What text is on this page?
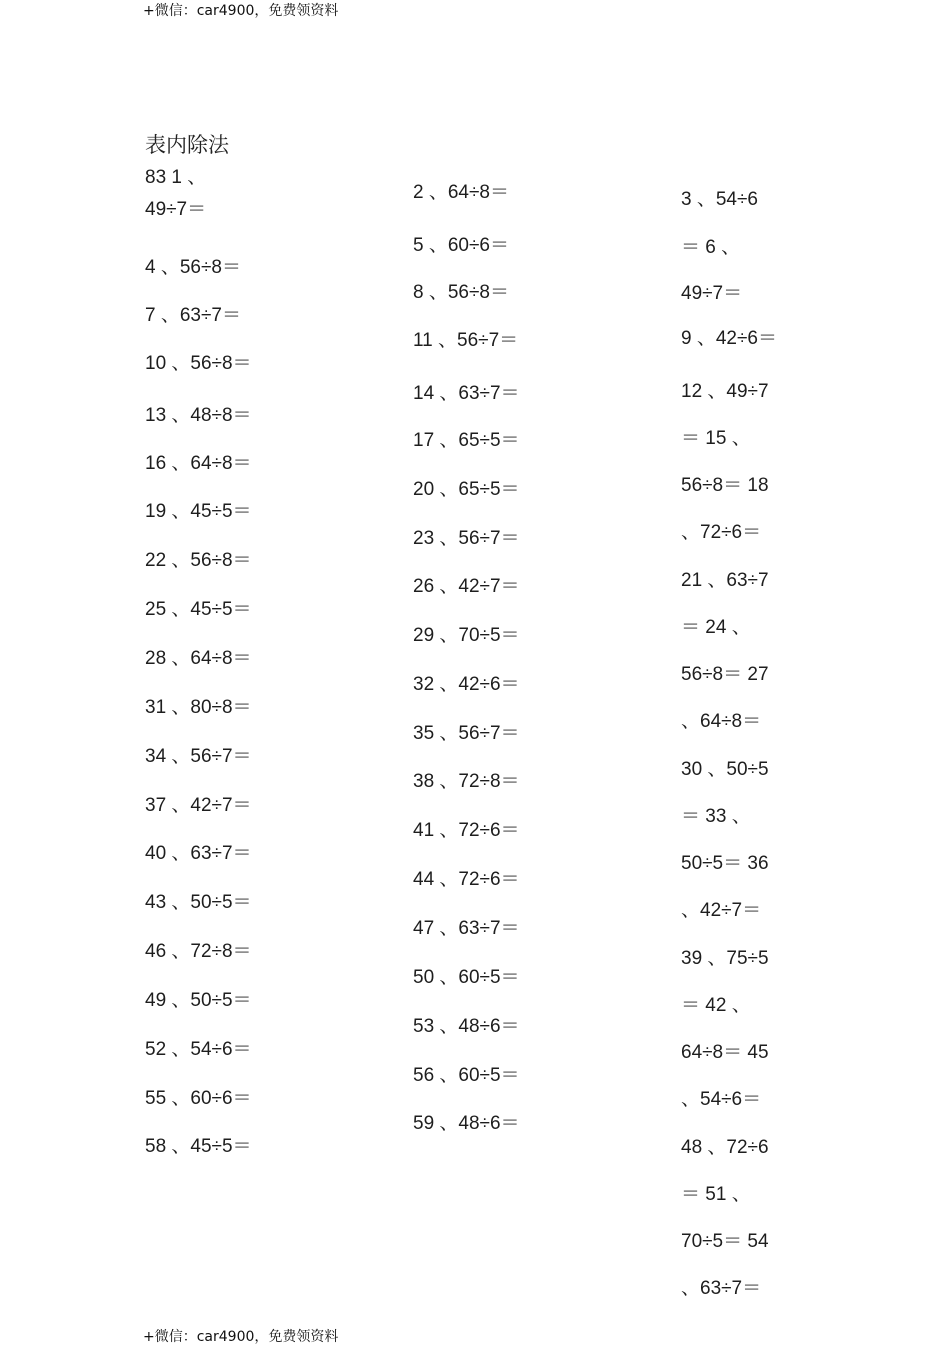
+微信：car4900，免费领资料
表内除法
83 1 、
49÷7＝
4 、56÷8＝
7 、63÷7＝
10 、56÷8＝
13 、48÷8＝
16 、64÷8＝
19 、45÷5＝
22 、56÷8＝
25 、45÷5＝
28 、64÷8＝
31 、80÷8＝
34 、56÷7＝
37 、42÷7＝
40 、63÷7＝
43 、50÷5＝
46 、72÷8＝
49 、50÷5＝
52 、54÷6＝
55 、60÷6＝
58 、45÷5＝
2 、64÷8＝
5 、60÷6＝
8 、56÷8＝
11 、56÷7＝
14 、63÷7＝
17 、65÷5＝
20 、65÷5＝
23 、56÷7＝
26 、42÷7＝
29 、70÷5＝
32 、42÷6＝
35 、56÷7＝
38 、72÷8＝
41 、72÷6＝
44 、72÷6＝
47 、63÷7＝
50 、60÷5＝
53 、48÷6＝
56 、60÷5＝
59 、48÷6＝
3 、54÷6
＝ 6 、
49÷7＝
9 、42÷6＝
12 、49÷7
＝ 15 、
56÷8＝ 18
、72÷6＝
21 、63÷7
＝ 24 、
56÷8＝ 27
、64÷8＝
30 、50÷5
＝ 33 、
50÷5＝ 36
、42÷7＝
39 、75÷5
＝ 42 、
64÷8＝ 45
、54÷6＝
48 、72÷6
＝ 51 、
70÷5＝ 54
、63÷7＝
+微信：car4900，免费领资料
